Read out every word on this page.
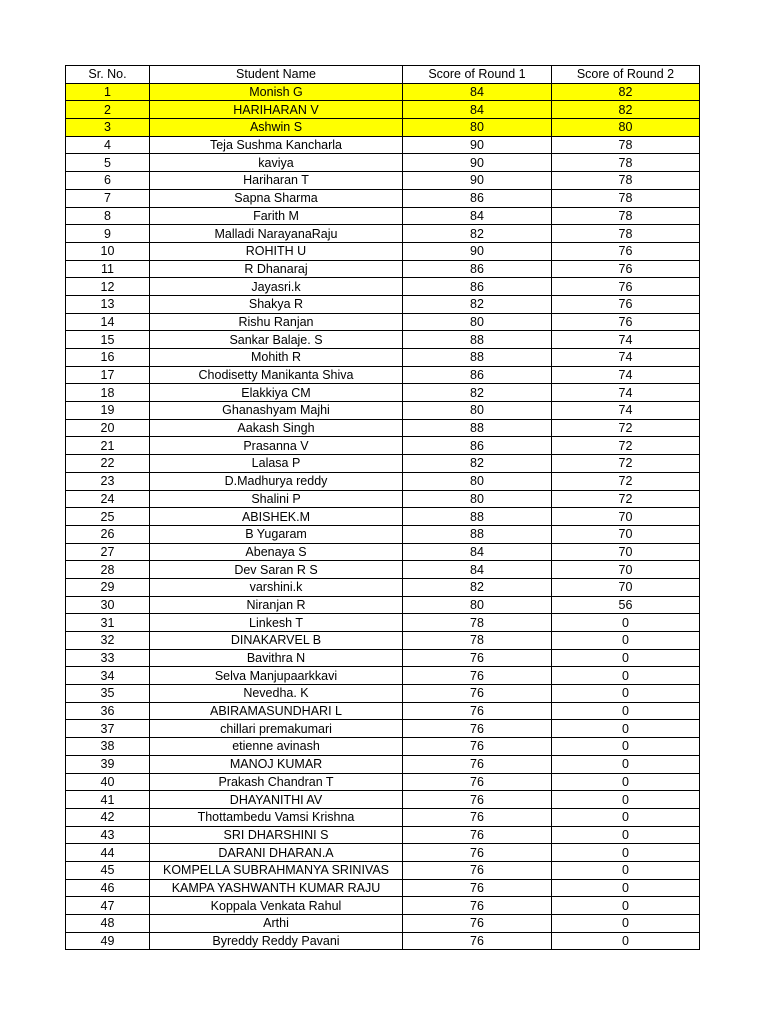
Sr. No.	Student Name	Score of Round 1	Score of Round 2
1	Monish G	84	82
2	HARIHARAN V	84	82
3	Ashwin S	80	80
4	Teja Sushma Kancharla	90	78
5	kaviya	90	78
6	Hariharan T	90	78
7	Sapna Sharma	86	78
8	Farith M	84	78
9	Malladi NarayanaRaju	82	78
10	ROHITH U	90	76
11	R Dhanaraj	86	76
12	Jayasri.k	86	76
13	Shakya R	82	76
14	Rishu Ranjan	80	76
15	Sankar Balaje. S	88	74
16	Mohith R	88	74
17	Chodisetty Manikanta Shiva	86	74
18	Elakkiya CM	82	74
19	Ghanashyam Majhi	80	74
20	Aakash Singh	88	72
21	Prasanna V	86	72
22	Lalasa P	82	72
23	D.Madhurya reddy	80	72
24	Shalini P	80	72
25	ABISHEK.M	88	70
26	B Yugaram	88	70
27	Abenaya S	84	70
28	Dev Saran R S	84	70
29	varshini.k	82	70
30	Niranjan R	80	56
31	Linkesh T	78	0
32	DINAKARVEL B	78	0
33	Bavithra N	76	0
34	Selva Manjupaarkkavi	76	0
35	Nevedha. K	76	0
36	ABIRAMASUNDHARI L	76	0
37	chillari premakumari	76	0
38	etienne avinash	76	0
39	MANOJ KUMAR	76	0
40	Prakash Chandran T	76	0
41	DHAYANITHI AV	76	0
42	Thottambedu Vamsi Krishna	76	0
43	SRI DHARSHINI S	76	0
44	DARANI DHARAN.A	76	0
45	KOMPELLA SUBRAHMANYA SRINIVAS	76	0
46	KAMPA YASHWANTH KUMAR RAJU	76	0
47	Koppala Venkata Rahul	76	0
48	Arthi	76	0
49	Byreddy Reddy Pavani	76	0
